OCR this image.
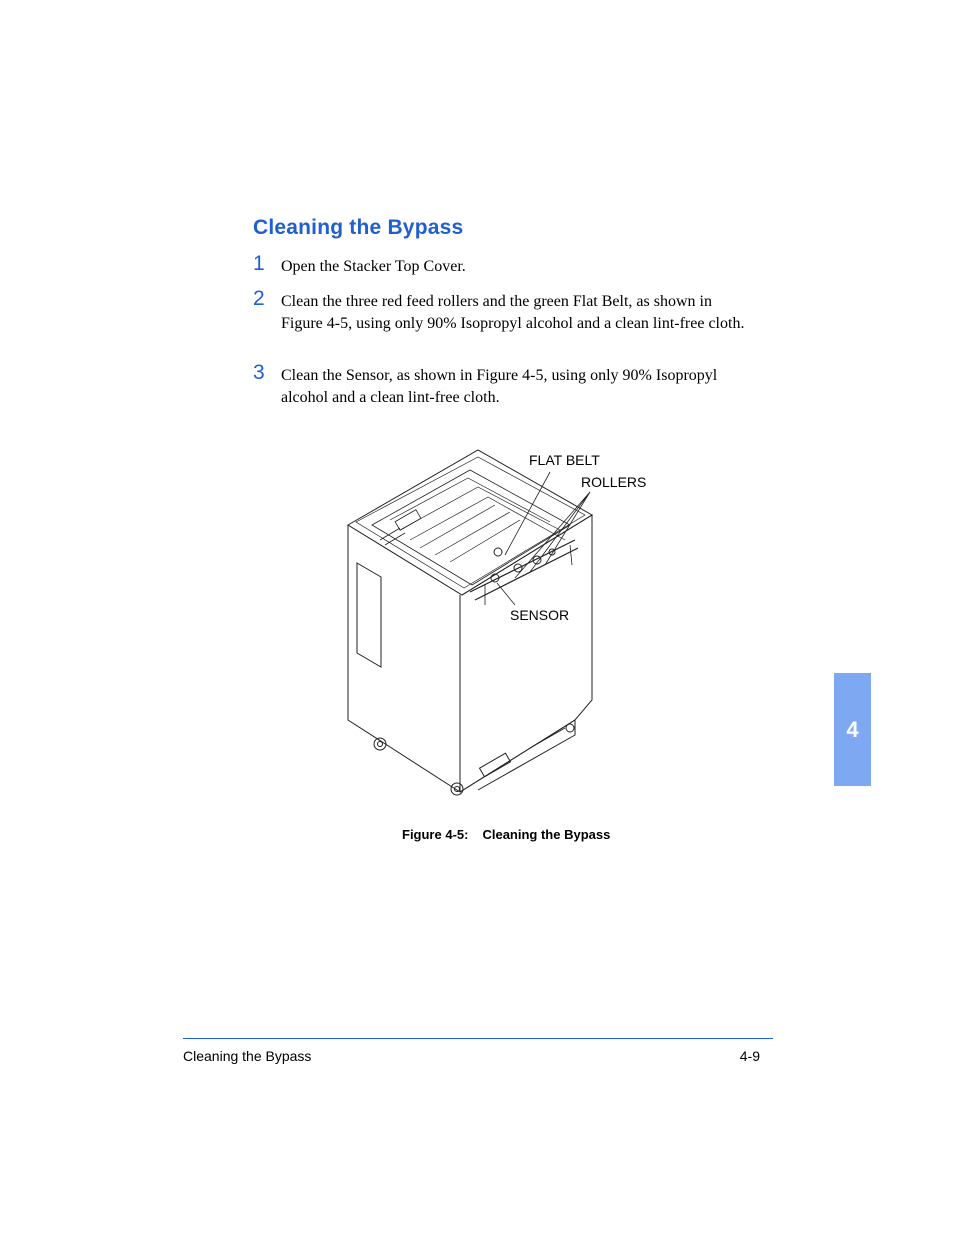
Cleaning the Bypass
1 Open the Stacker Top Cover.
2 Clean the three red feed rollers and the green Flat Belt, as shown in Figure 4-5, using only 90% Isopropyl alcohol and a clean lint-free cloth.
3 Clean the Sensor, as shown in Figure 4-5, using only 90% Isopropyl alcohol and a clean lint-free cloth.
FLAT BELT
ROLLERS
SENSOR
Figure 4-5: Cleaning the Bypass
4
Cleaning the Bypass	4-9
